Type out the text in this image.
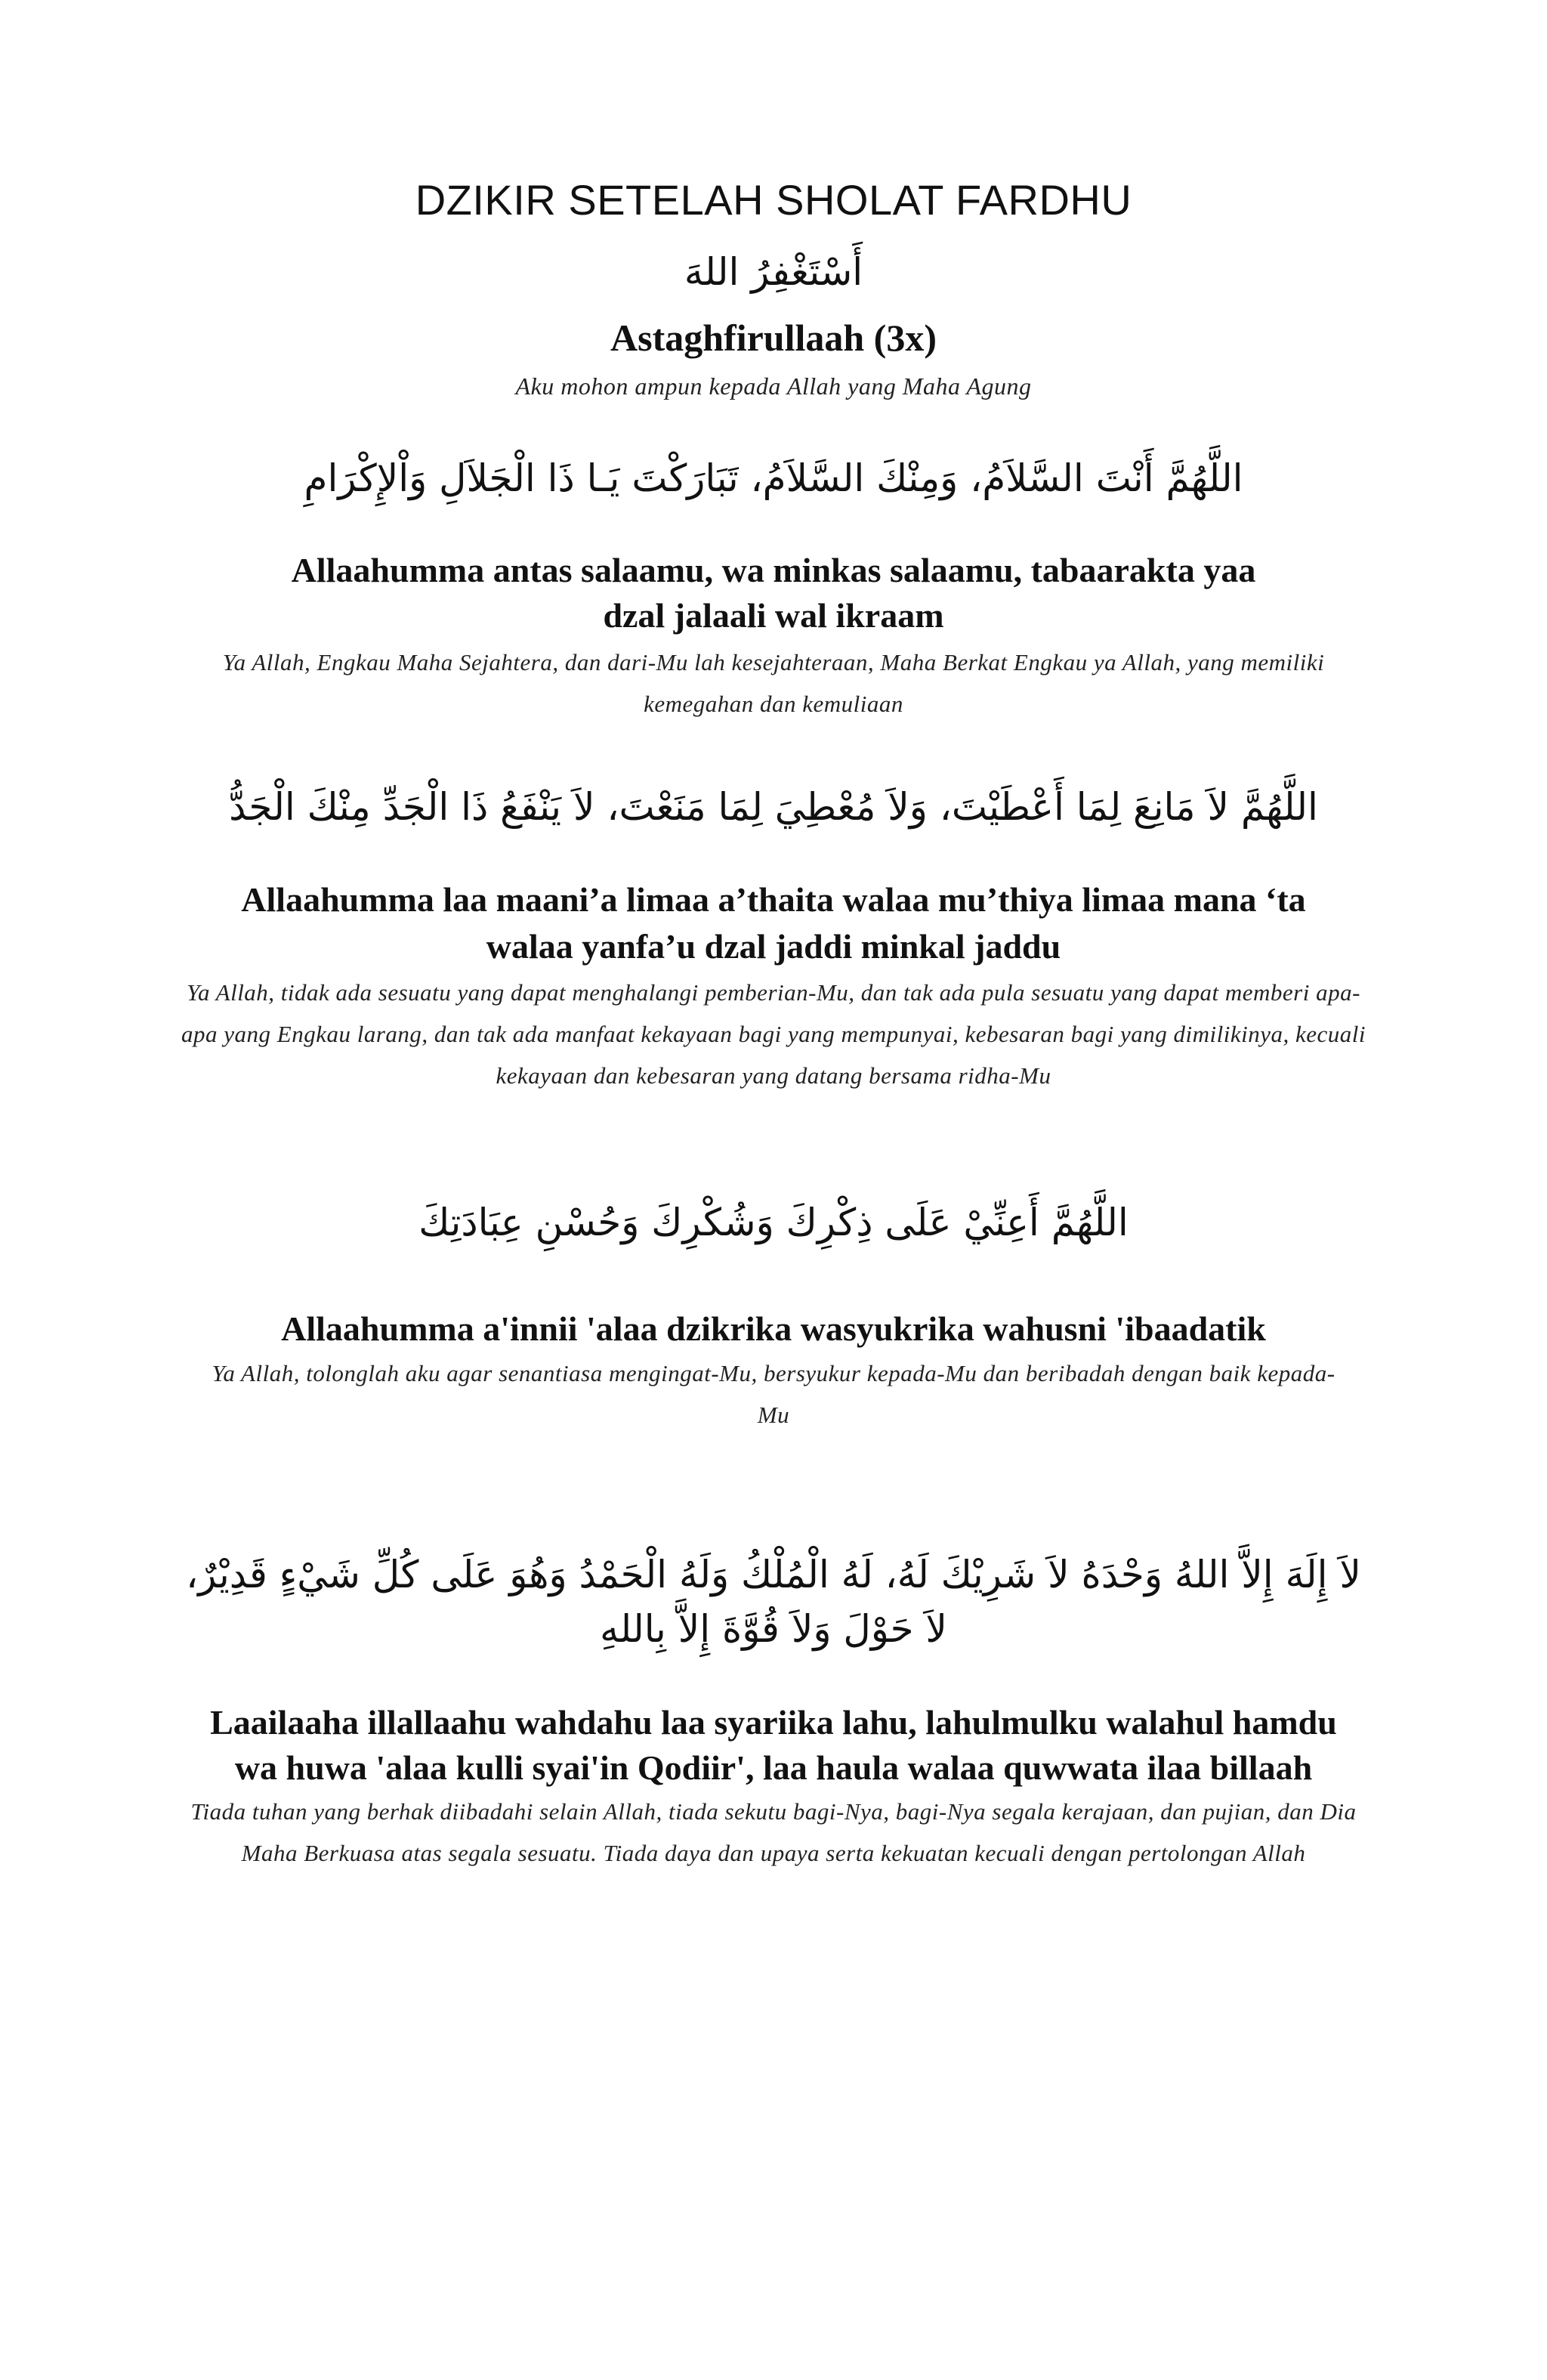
DZIKIR SETELAH SHOLAT FARDHU
أَسْتَغْفِرُ اللهَ
Astaghfirullaah (3x)
Aku mohon ampun kepada Allah yang Maha Agung
اللَّهُمَّ أَنْتَ السَّلاَمُ، وَمِنْكَ السَّلاَمُ، تَبَارَكْتَ يَـا ذَا الْجَلاَلِ وَاْلإِكْرَامِ
Allaahumma antas salaamu, wa minkas salaamu, tabaarakta yaa dzal jalaali wal ikraam
Ya Allah, Engkau Maha Sejahtera, dan dari-Mu lah kesejahteraan, Maha Berkat Engkau ya Allah, yang memiliki kemegahan dan kemuliaan
اللَّهُمَّ لاَ مَانِعَ لِمَا أَعْطَيْتَ، وَلاَ مُعْطِيَ لِمَا مَنَعْتَ، لاَ يَنْفَعُ ذَا الْجَدِّ مِنْكَ الْجَدُّ
Allaahumma laa maani’a limaa a’thaita walaa mu’thiya limaa mana ‘ta walaa yanfa’u dzal jaddi minkal jaddu
Ya Allah, tidak ada sesuatu yang dapat menghalangi pemberian-Mu, dan tak ada pula sesuatu yang dapat memberi apa-apa yang Engkau larang, dan tak ada manfaat kekayaan bagi yang mempunyai, kebesaran bagi yang dimilikinya, kecuali kekayaan dan kebesaran yang datang bersama ridha-Mu
اللَّهُمَّ أَعِنِّيْ عَلَى ذِكْرِكَ وَشُكْرِكَ وَحُسْنِ عِبَادَتِكَ
Allaahumma a'innii 'alaa dzikrika wasyukrika wahusni 'ibaadatik
Ya Allah, tolonglah aku agar senantiasa mengingat-Mu, bersyukur kepada-Mu dan beribadah dengan baik kepada-Mu
لاَ إِلَهَ إِلاَّ اللهُ وَحْدَهُ لاَ شَرِيْكَ لَهُ، لَهُ الْمُلْكُ وَلَهُ الْحَمْدُ وَهُوَ عَلَى كُلِّ شَيْءٍ قَدِيْرٌ، لاَ حَوْلَ وَلاَ قُوَّةَ إِلاَّ بِاللهِ
Laailaaha illallaahu wahdahu laa syariika lahu, lahulmulku walahul hamdu wa huwa 'alaa kulli syai'in Qodiir', laa haula walaa quwwata ilaa billaah
Tiada tuhan yang berhak diibadahi selain Allah, tiada sekutu bagi-Nya, bagi-Nya segala kerajaan, dan pujian, dan Dia Maha Berkuasa atas segala sesuatu. Tiada daya dan upaya serta kekuatan kecuali dengan pertolongan Allah
